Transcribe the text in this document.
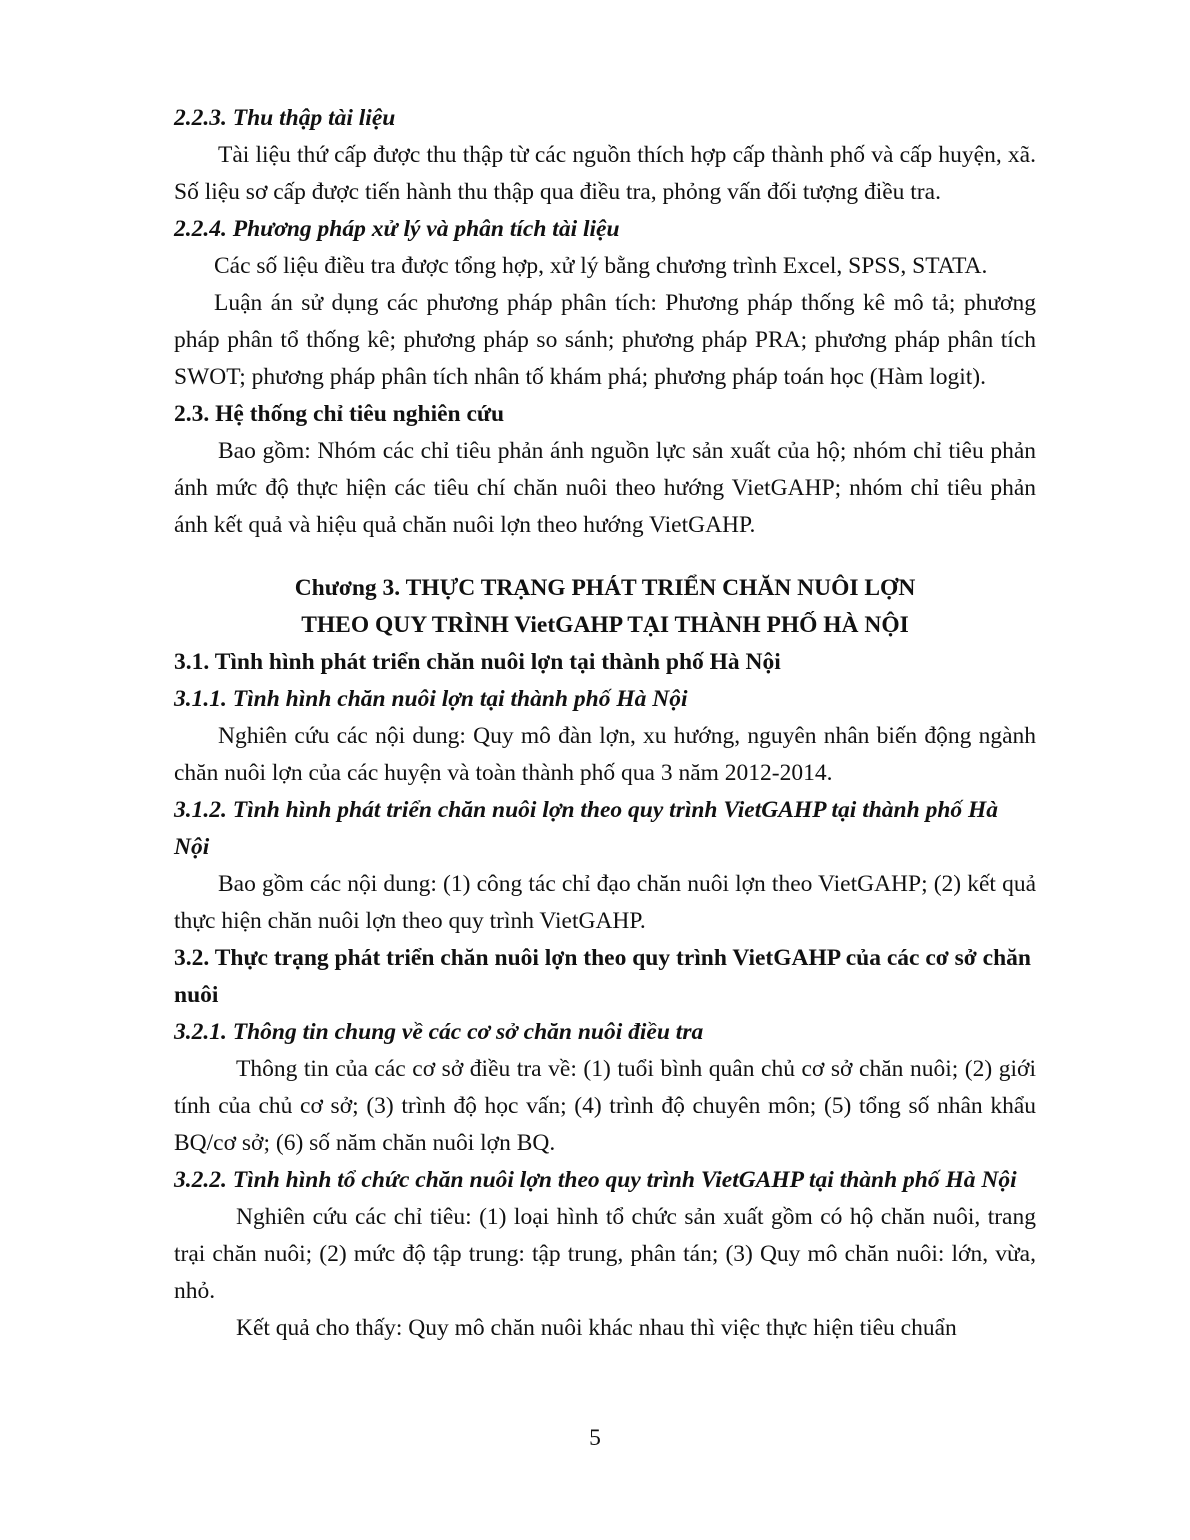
2.2.3. Thu thập tài liệu

Tài liệu thứ cấp được thu thập từ các nguồn thích hợp cấp thành phố và cấp huyện, xã. Số liệu sơ cấp được tiến hành thu thập qua điều tra, phỏng vấn đối tượng điều tra.

2.2.4. Phương pháp xử lý và phân tích tài liệu

Các số liệu điều tra được tổng hợp, xử lý bằng chương trình Excel, SPSS, STATA.

Luận án sử dụng các phương pháp phân tích: Phương pháp thống kê mô tả; phương pháp phân tổ thống kê; phương pháp so sánh; phương pháp PRA; phương pháp phân tích SWOT; phương pháp phân tích nhân tố khám phá; phương pháp toán học (Hàm logit).

2.3. Hệ thống chỉ tiêu nghiên cứu

Bao gồm: Nhóm các chỉ tiêu phản ánh nguồn lực sản xuất của hộ; nhóm chỉ tiêu phản ánh mức độ thực hiện các tiêu chí chăn nuôi theo hướng VietGAHP; nhóm chỉ tiêu phản ánh kết quả và hiệu quả chăn nuôi lợn theo hướng VietGAHP.

Chương 3. THỰC TRẠNG PHÁT TRIỂN CHĂN NUÔI LỢN

THEO QUY TRÌNH VietGAHP TẠI THÀNH PHỐ HÀ NỘI

3.1. Tình hình phát triển chăn nuôi lợn tại thành phố Hà Nội

3.1.1. Tình hình chăn nuôi lợn tại thành phố Hà Nội

Nghiên cứu các nội dung: Quy mô đàn lợn, xu hướng, nguyên nhân biến động ngành chăn nuôi lợn của các huyện và toàn thành phố qua 3 năm 2012-2014.

3.1.2. Tình hình phát triển chăn nuôi lợn theo quy trình VietGAHP tại thành phố Hà Nội

Bao gồm các nội dung: (1) công tác chỉ đạo chăn nuôi lợn theo VietGAHP; (2) kết quả thực hiện chăn nuôi lợn theo quy trình VietGAHP.

3.2. Thực trạng phát triển chăn nuôi lợn theo quy trình VietGAHP của các cơ sở chăn nuôi

3.2.1. Thông tin chung về các cơ sở chăn nuôi điều tra

Thông tin của các cơ sở điều tra về: (1) tuổi bình quân chủ cơ sở chăn nuôi; (2) giới tính của chủ cơ sở; (3) trình độ học vấn; (4) trình độ chuyên môn; (5) tổng số nhân khẩu BQ/cơ sở; (6) số năm chăn nuôi lợn BQ.

3.2.2. Tình hình tổ chức chăn nuôi lợn theo quy trình VietGAHP tại thành phố Hà Nội

Nghiên cứu các chỉ tiêu: (1) loại hình tổ chức sản xuất gồm có hộ chăn nuôi, trang trại chăn nuôi; (2) mức độ tập trung: tập trung, phân tán; (3) Quy mô chăn nuôi: lớn, vừa, nhỏ.

Kết quả cho thấy: Quy mô chăn nuôi khác nhau thì việc thực hiện tiêu chuẩn

5
